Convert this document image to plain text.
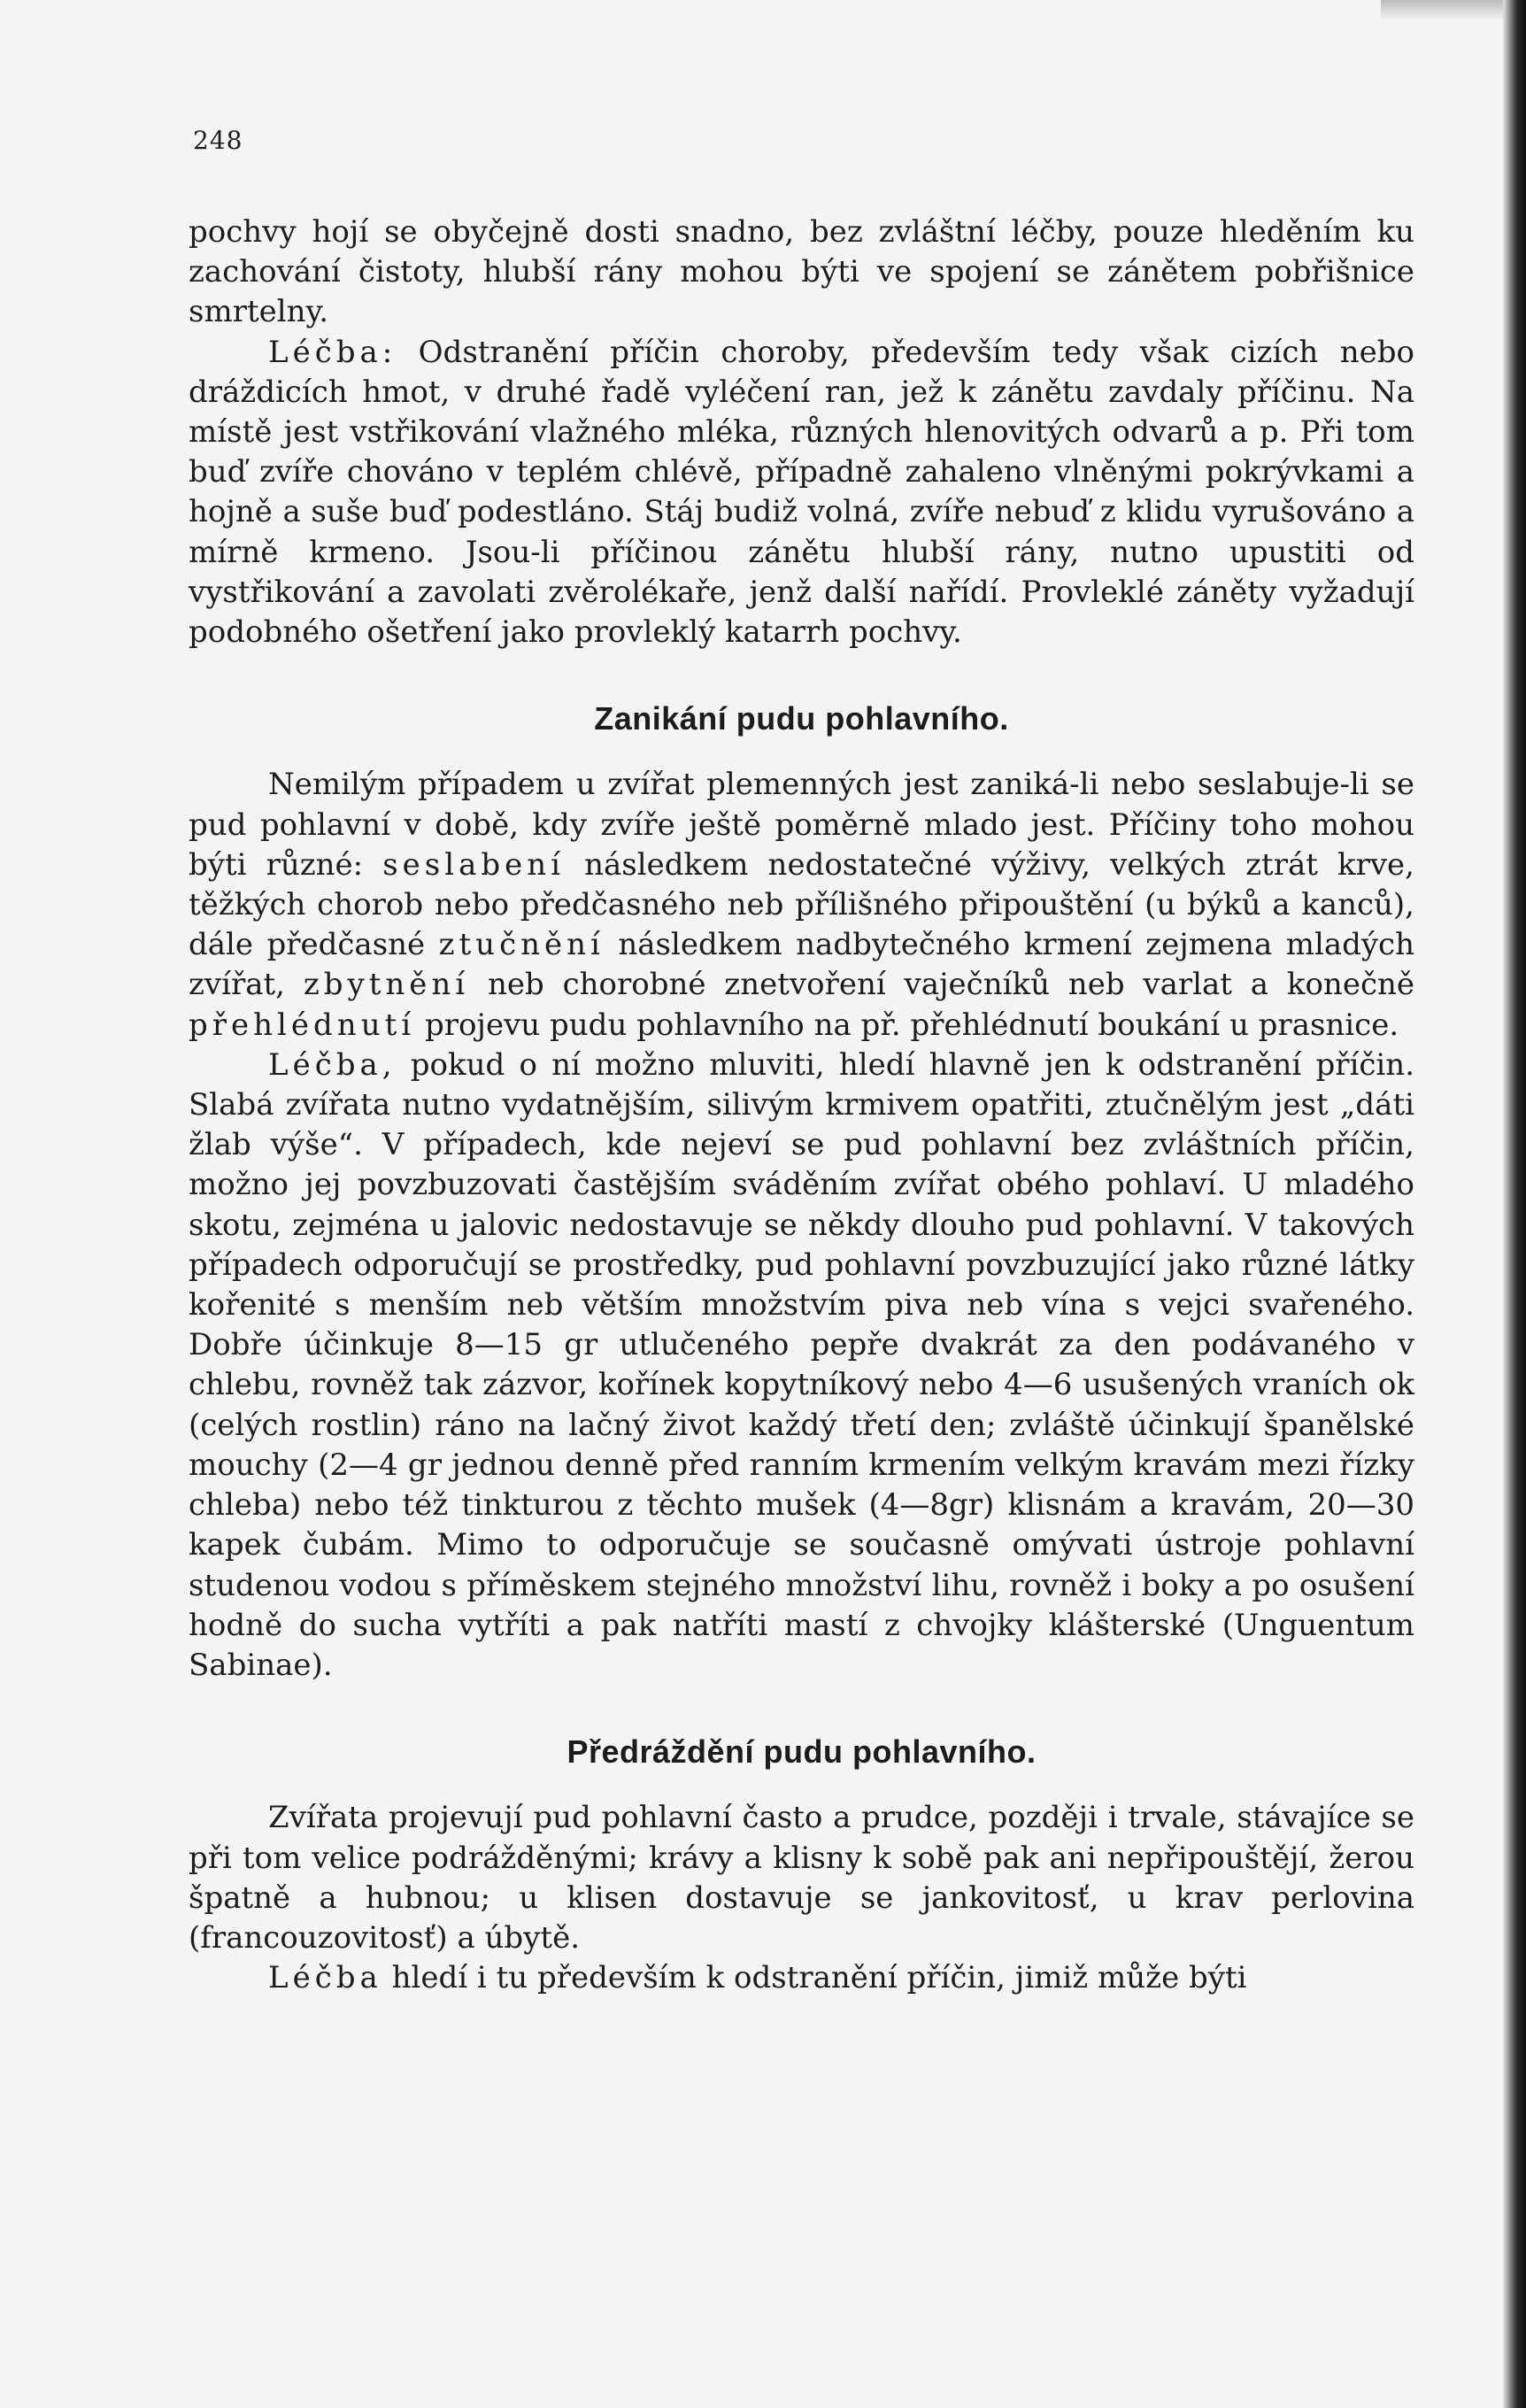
248

pochvy hojí se obyčejně dosti snadno, bez zvláštní léčby, pouze hleděním ku zachování čistoty, hlubší rány mohou býti ve spojení se zánětem pobřišnice smrtelny.

Léčba: Odstranění příčin choroby, především tedy však cizích nebo dráždicích hmot, v druhé řadě vyléčení ran, jež k zánětu zavdaly příčinu. Na místě jest vstřikování vlažného mléka, různých hlenovitých odvarů a p. Při tom buď zvíře chováno v teplém chlévě, případně zahaleno vlněnými pokrývkami a hojně a suše buď podestláno. Stáj budiž volná, zvíře nebuď z klidu vyrušováno a mírně krmeno. Jsou-li příčinou zánětu hlubší rány, nutno upustiti od vystřikování a zavolati zvěrolékaře, jenž další nařídí. Provleklé záněty vyžadují podobného ošetření jako provleklý katarrh pochvy.

Zanikání pudu pohlavního.

Nemilým případem u zvířat plemenných jest zaniká-li nebo seslabuje-li se pud pohlavní v době, kdy zvíře ještě poměrně mlado jest. Příčiny toho mohou býti různé: seslabení následkem nedostatečné výživy, velkých ztrát krve, těžkých chorob nebo předčasného neb přílišného připouštění (u býků a kanců), dále předčasné ztučnění následkem nadbytečného krmení zejmena mladých zvířat, zbytnění neb chorobné znetvoření vaječníků neb varlat a konečně přehlédnutí projevu pudu pohlavního na př. přehlédnutí boukání u prasnice.

Léčba, pokud o ní možno mluviti, hledí hlavně jen k odstranění příčin. Slabá zvířata nutno vydatnějším, silivým krmivem opatřiti, ztučnělým jest „dáti žlab výše“. V případech, kde nejeví se pud pohlavní bez zvláštních příčin, možno jej povzbuzovati častějším sváděním zvířat obého pohlaví. U mladého skotu, zejména u jalovic nedostavuje se někdy dlouho pud pohlavní. V takových případech odporučují se prostředky, pud pohlavní povzbuzující jako různé látky kořenité s menším neb větším množstvím piva neb vína s vejci svařeného. Dobře účinkuje 8—15 gr utlučeného pepře dvakrát za den podávaného v chlebu, rovněž tak zázvor, kořínek kopytníkový nebo 4—6 usušených vraních ok (celých rostlin) ráno na lačný život každý třetí den; zvláště účinkují španělské mouchy (2—4 gr jednou denně před ranním krmením velkým kravám mezi řízky chleba) nebo též tinkturou z těchto mušek (4—8gr) klisnám a kravám, 20—30 kapek čubám. Mimo to odporučuje se současně omývati ústroje pohlavní studenou vodou s příměskem stejného množství lihu, rovněž i boky a po osušení hodně do sucha vytříti a pak natříti mastí z chvojky klášterské (Unguentum Sabinae).

Předráždění pudu pohlavního.

Zvířata projevují pud pohlavní často a prudce, později i trvale, stávajíce se při tom velice podrážděnými; krávy a klisny k sobě pak ani nepřipouštějí, žerou špatně a hubnou; u klisen dostavuje se jankovitosť, u krav perlovina (francouzovitosť) a úbytě.

Léčba hledí i tu především k odstranění příčin, jimiž může býti
